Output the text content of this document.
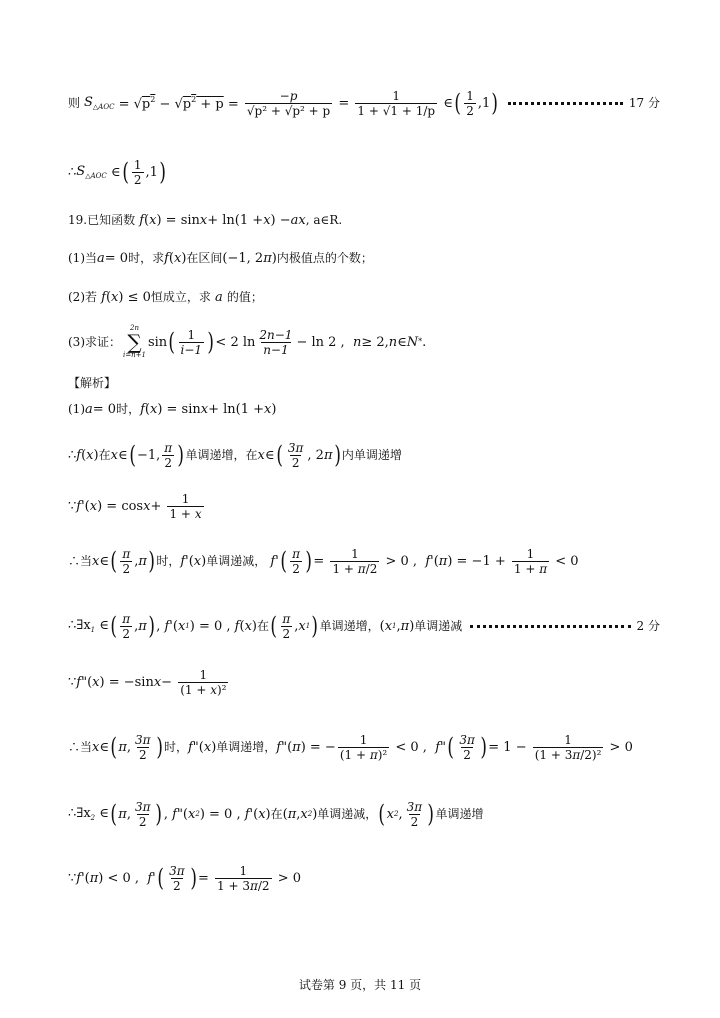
则 $S_{\triangle AOC} = √p^2 - √p^2 + p = \frac{-p}{\text{√p² + √p² + p}} = \frac{1}{1 + √1 + 1/p}$ ∈ ( $\frac{1}{2} ,1$ )	17 分
∴ $S_{\triangle AOC}$ ∈ ( $\frac{1}{2} ,1$ )
19.已知函数 f ( x ) = sin x + ln(1 + x ) − ax , a∈R.
(1)当 a = 0 时，求 f ( x ) 在区间 (−1, 2 π ) 内极值点的个数；
(2)若 f ( x ) ≤ 0 恒成立，求 a 的值；
(3)求证：
2n
∑
i=n+1
sin ( $\frac{1}{i-1}$ ) < 2 $\ln \frac{2n-1}{n-1} - \ln 2$ , n ≥ 2, n ∈ N * .
【解析】
(1) a = 0 时， f ( x ) = sin x + ln(1 + x )
∴ f ( x ) 在 x ∈ ( −1, $\frac{\pi}{2}$ ) 单调递增，在 x ∈ ( $\frac{3\pi}{2}$ , 2 π ) 内单调递增
∵ f '( x ) = $\cos x + \frac{1}{1 + x}$
∴当 x ∈ ( $\frac{\pi}{2}$ , π ) 时， f '( x ) 单调递减， f ' ( $\frac{\pi}{2}$ ) = $\frac{1}{1 + \pi/2} > 0$ , f '( π ) = $-1 + \frac{1}{1 + \pi} < 0$
$\therefore\exists x_1$ ∈ ( $\frac{\pi}{2}$ , π ) , f '( x 1 ) = 0 , f ( x ) 在 ( $\frac{\pi}{2}$ , x 1 ) 单调递增， ( x 1 , π ) 单调递减	2 分
∵ f "( x ) = −sin $x - \frac{1}{\text{(1 + x)²}}$
∴当 x ∈ ( π , $\frac{3\pi}{2}$ ) 时， f "( x ) 单调递增， f "( π ) = − $\frac{1}{\text{(1 + π)²}} < 0$ , f " ( $\frac{3\pi}{2}$ ) = $1 - \frac{1}{\text{(1 + 3π/2)²}} > 0$
$\therefore\exists x_2$ ∈ ( π , $\frac{3\pi}{2}$ ) , f "( x 2 ) = 0 , f '( x ) 在 ( π , x 2 ) 单调递减， ( x 2 , $\frac{3\pi}{2}$ ) 单调递增
∵ f '( π ) < 0 , f ' ( $\frac{3\pi}{2}$ ) = $\frac{1}{1 + 3\pi/2} > 0$
试卷第 9 页，共 11 页
